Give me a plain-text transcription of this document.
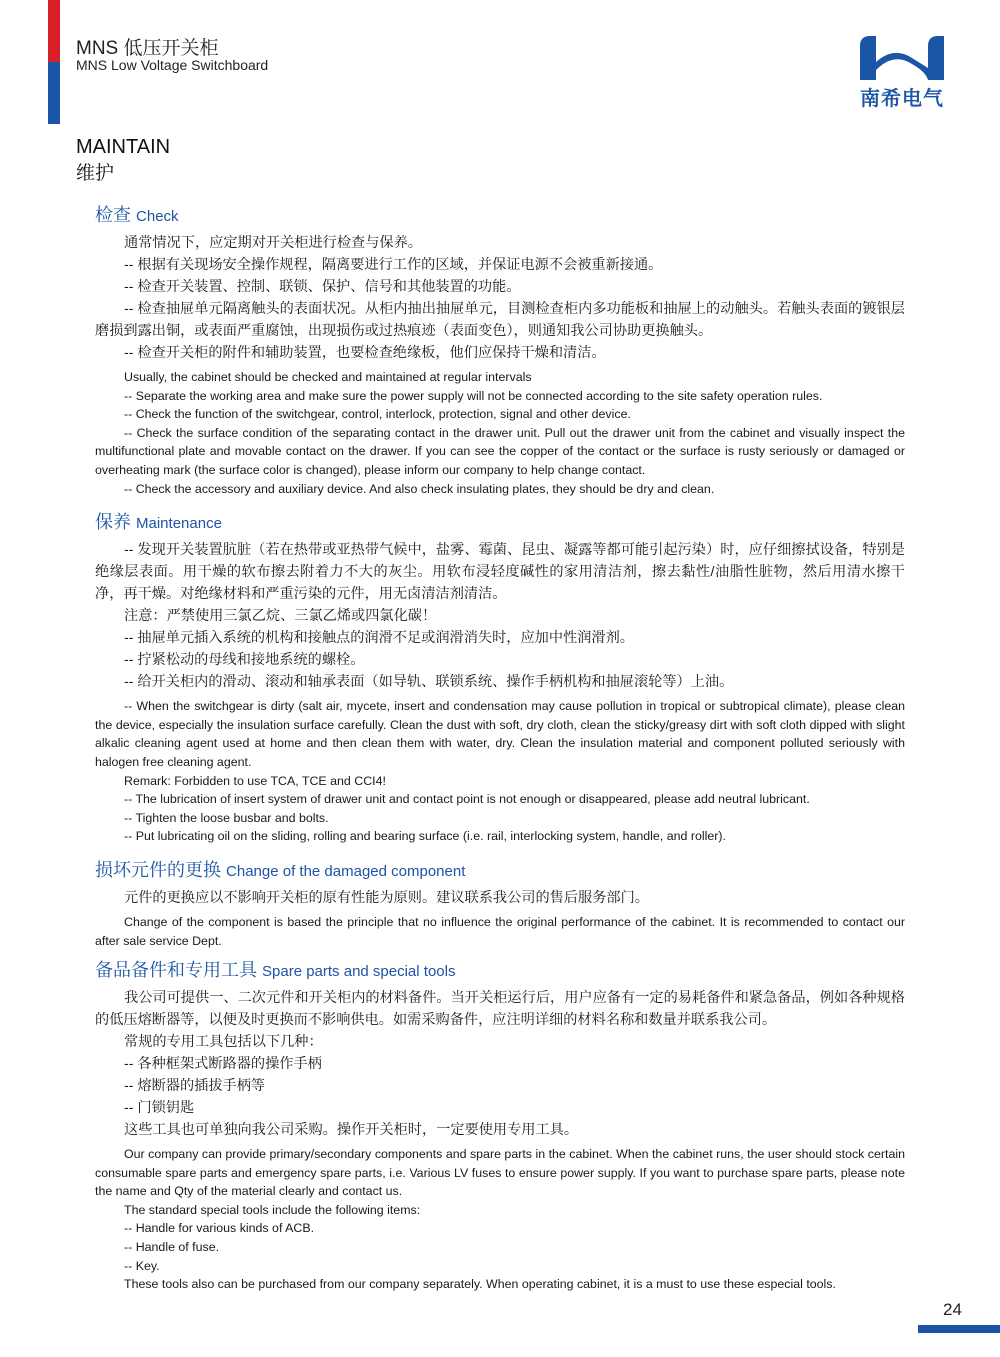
MNS 低压开关柜
MNS Low Voltage Switchboard
南希电气
MAINTAIN
维护
检查 Check
通常情况下，应定期对开关柜进行检查与保养。
-- 根据有关现场安全操作规程，隔离要进行工作的区域，并保证电源不会被重新接通。
-- 检查开关装置、控制、联锁、保护、信号和其他装置的功能。
-- 检查抽屉单元隔离触头的表面状况。从柜内抽出抽屉单元，目测检查柜内多功能板和抽屉上的动触头。若触头表面的镀银层磨损到露出铜，或表面严重腐蚀，出现损伤或过热痕迹（表面变色），则通知我公司协助更换触头。
-- 检查开关柜的附件和辅助装置，也要检查绝缘板，他们应保持干燥和清洁。
Usually, the cabinet should be checked and maintained at regular intervals
-- Separate the working area and make sure the power supply will not be connected according to the site safety operation rules.
-- Check the function of the switchgear, control, interlock, protection, signal and other device.
-- Check the surface condition of the separating contact in the drawer unit. Pull out the drawer unit from the cabinet and visually inspect the multifunctional plate and movable contact on the drawer. If you can see the copper of the contact or the surface is rusty seriously or damaged or overheating mark (the surface color is changed), please inform our company to help change contact.
-- Check the accessory and auxiliary device. And also check insulating plates, they should be dry and clean.
保养 Maintenance
-- 发现开关装置肮脏（若在热带或亚热带气候中，盐雾、霉菌、昆虫、凝露等都可能引起污染）时，应仔细擦拭设备，特别是绝缘层表面。用干燥的软布擦去附着力不大的灰尘。用软布浸轻度碱性的家用清洁剂，擦去黏性/油脂性脏物，然后用清水擦干净，再干燥。对绝缘材料和严重污染的元件，用无卤清洁剂清洁。
注意：严禁使用三氯乙烷、三氯乙烯或四氯化碳！
-- 抽屉单元插入系统的机构和接触点的润滑不足或润滑消失时，应加中性润滑剂。
-- 拧紧松动的母线和接地系统的螺栓。
-- 给开关柜内的滑动、滚动和轴承表面（如导轨、联锁系统、操作手柄机构和抽屉滚轮等）上油。
-- When the switchgear is dirty (salt air, mycete, insert and condensation may cause pollution in tropical or subtropical climate), please clean the device, especially the insulation surface carefully. Clean the dust with soft, dry cloth, clean the sticky/greasy dirt with soft cloth dipped with slight alkalic cleaning agent used at home and then clean them with water, dry. Clean the insulation material and component polluted seriously with halogen free cleaning agent.
Remark: Forbidden to use TCA, TCE and CCI4!
-- The lubrication of insert system of drawer unit and contact point is not enough or disappeared, please add neutral lubricant.
-- Tighten the loose busbar and bolts.
-- Put lubricating oil on the sliding, rolling and bearing surface (i.e. rail, interlocking system, handle, and roller).
损坏元件的更换 Change of the damaged component
元件的更换应以不影响开关柜的原有性能为原则。建议联系我公司的售后服务部门。
Change of the component is based the principle that no influence the original performance of the cabinet. It is recommended to contact our after sale service Dept.
备品备件和专用工具 Spare parts and special tools
我公司可提供一、二次元件和开关柜内的材料备件。当开关柜运行后，用户应备有一定的易耗备件和紧急备品，例如各种规格的低压熔断器等，以便及时更换而不影响供电。如需采购备件，应注明详细的材料名称和数量并联系我公司。
常规的专用工具包括以下几种：
-- 各种框架式断路器的操作手柄
-- 熔断器的插拔手柄等
-- 门锁钥匙
这些工具也可单独向我公司采购。操作开关柜时，一定要使用专用工具。
Our company can provide primary/secondary components and spare parts in the cabinet. When the cabinet runs, the user should stock certain consumable spare parts and emergency spare parts, i.e. Various LV fuses to ensure power supply. If you want to purchase spare parts, please note the name and Qty of the material clearly and contact us.
The standard special tools include the following items:
-- Handle for various kinds of ACB.
-- Handle of fuse.
-- Key.
These tools also can be purchased from our company separately. When operating cabinet, it is a must to use these especial tools.
24
